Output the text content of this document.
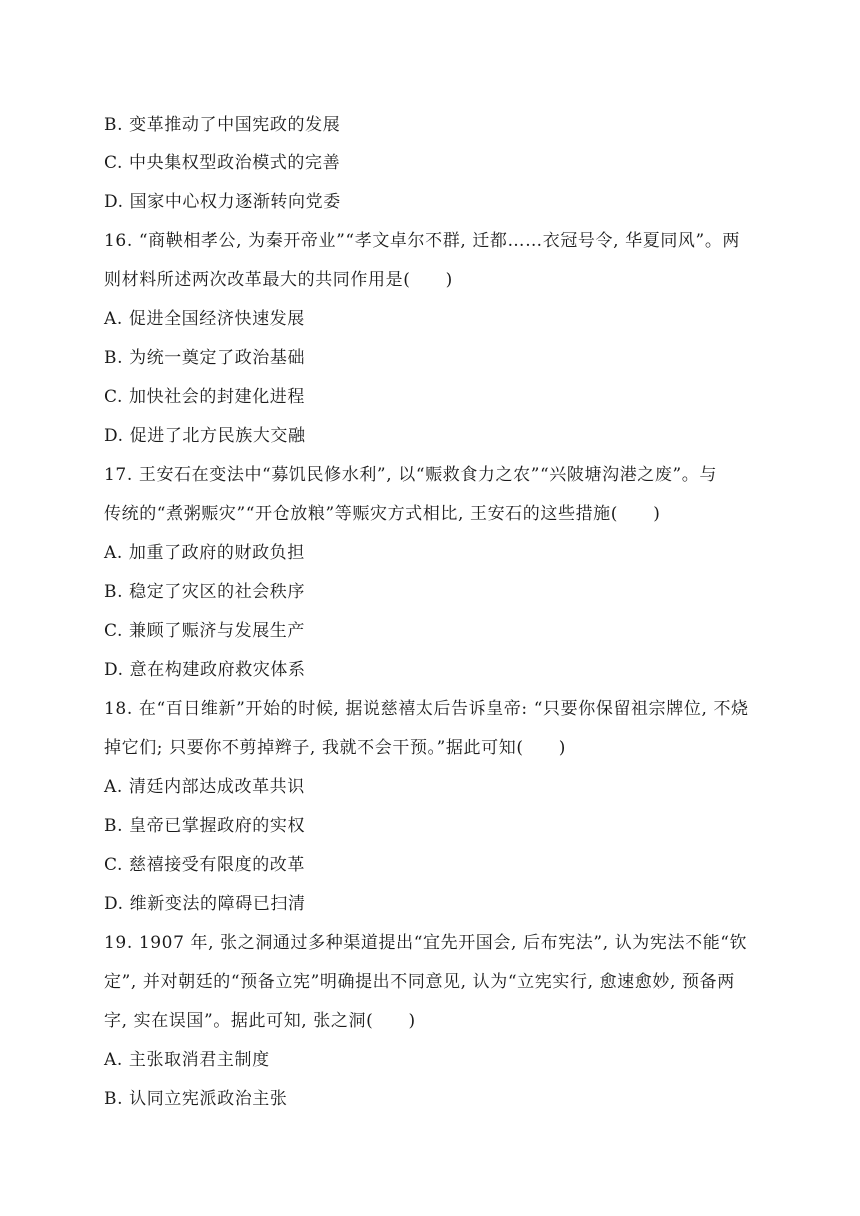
B. 变革推动了中国宪政的发展
C. 中央集权型政治模式的完善
D. 国家中心权力逐渐转向党委
16. “商鞅相孝公, 为秦开帝业”“孝文卓尔不群, 迁都……衣冠号令, 华夏同风”。两
则材料所述两次改革最大的共同作用是(　　)
A. 促进全国经济快速发展
B. 为统一奠定了政治基础
C. 加快社会的封建化进程
D. 促进了北方民族大交融
17. 王安石在变法中“募饥民修水利”, 以“赈救食力之农”“兴陂塘沟港之废”。与
传统的“煮粥赈灾”“开仓放粮”等赈灾方式相比, 王安石的这些措施(　　)
A. 加重了政府的财政负担
B. 稳定了灾区的社会秩序
C. 兼顾了赈济与发展生产
D. 意在构建政府救灾体系
18. 在“百日维新”开始的时候, 据说慈禧太后告诉皇帝: “只要你保留祖宗牌位, 不烧
掉它们; 只要你不剪掉辫子, 我就不会干预。”据此可知(　　)
A. 清廷内部达成改革共识
B. 皇帝已掌握政府的实权
C. 慈禧接受有限度的改革
D. 维新变法的障碍已扫清
19. 1907 年, 张之洞通过多种渠道提出“宜先开国会, 后布宪法”, 认为宪法不能“钦
定”, 并对朝廷的“预备立宪”明确提出不同意见, 认为“立宪实行, 愈速愈妙, 预备两
字, 实在误国”。据此可知, 张之洞(　　)
A. 主张取消君主制度
B. 认同立宪派政治主张
